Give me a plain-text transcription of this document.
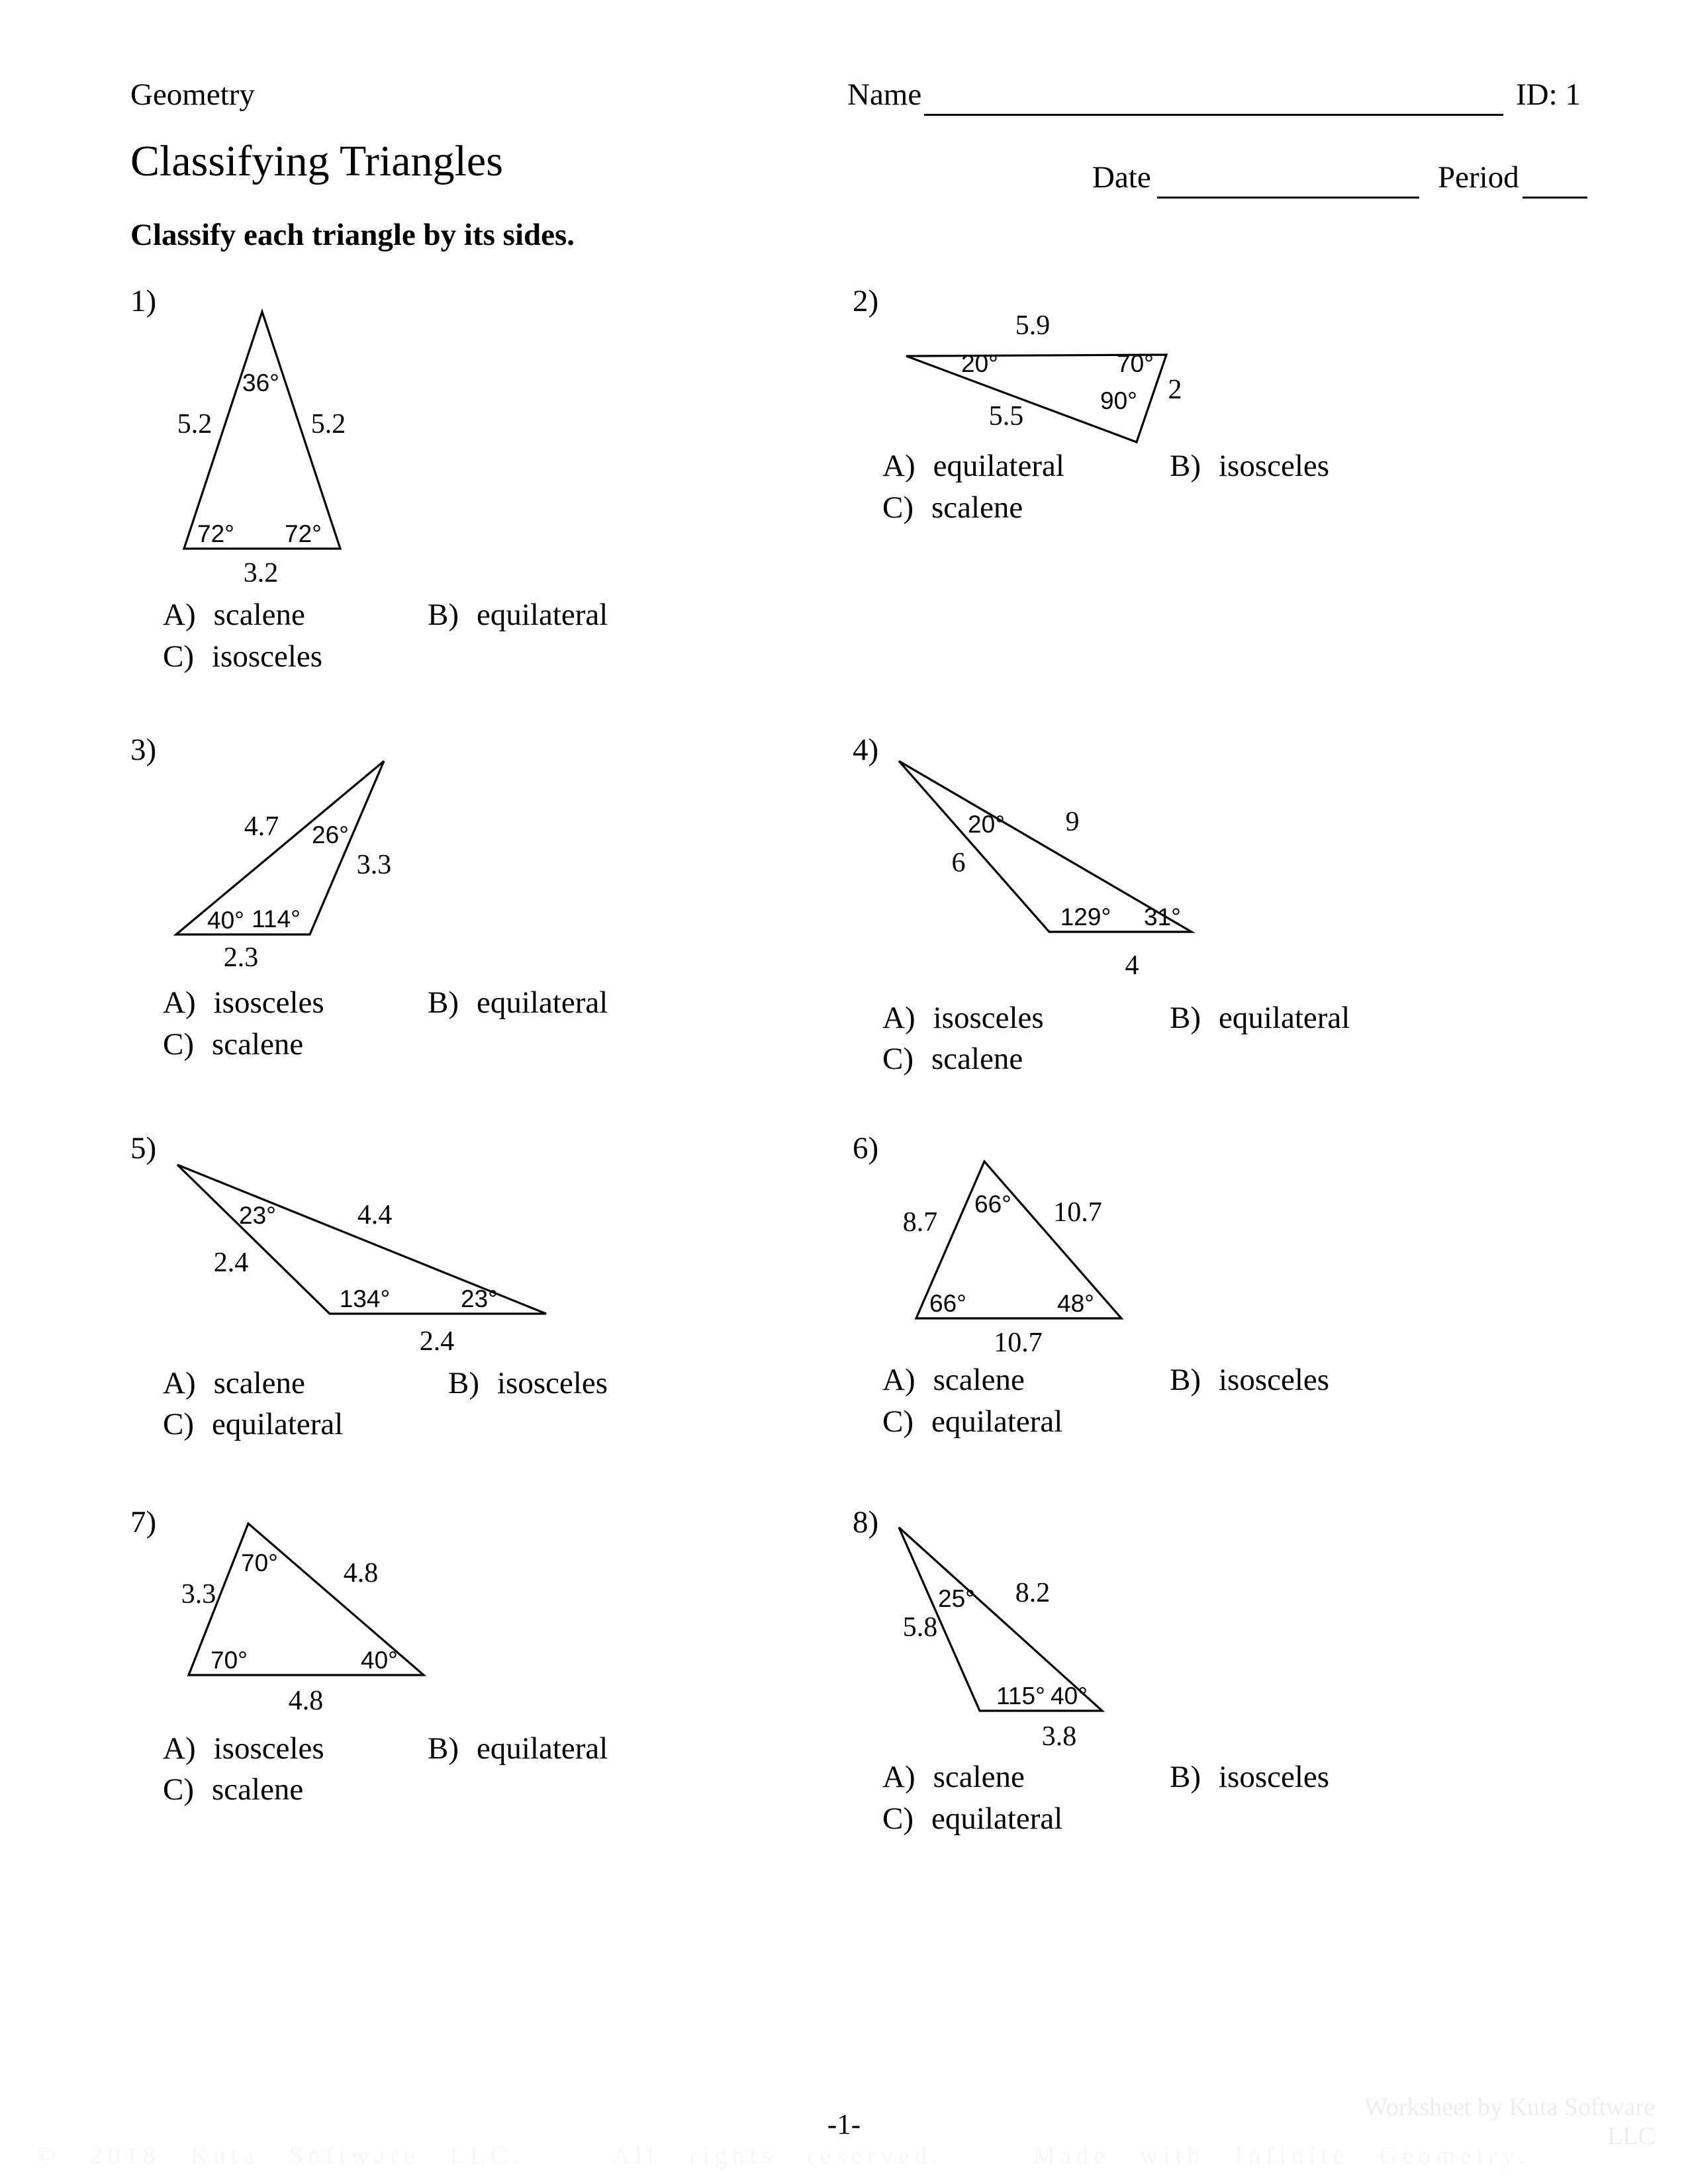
Geometry	Name	ID: 1
Classifying Triangles	Date	Period
Classify each triangle by its sides.
1)
36°
5.2	5.2
72° 72°
3.2
A) scalene	B) equilateral
C) isosceles
2)
5.9
20°	70°
90° 2
5.5
A) equilateral	B) isosceles
C) scalene
3)
4.7 26°
3.3
40° 114°
2.3
A) isosceles	B) equilateral
C) scalene
4)
20° 9
6
129° 31°
4
A) isosceles	B) equilateral
C) scalene
5)
23°	4.4
2.4
134°	23°
2.4
A) scalene	B) isosceles
C) equilateral
6)
66° 10.7
8.7
66°	48°
10.7
A) scalene	B) isosceles
C) equilateral
7)
70° 4.8
3.3
70°	40°
4.8
A) isosceles	B) equilateral
C) scalene
8)
25° 8.2
5.8
115° 40°
3.8
A) scalene	B) isosceles
C) equilateral
-1-
Worksheet by Kuta Software LLC
© 2018 Kuta Software LLC.   All rights reserved.   Made with Infinite Geometry.
